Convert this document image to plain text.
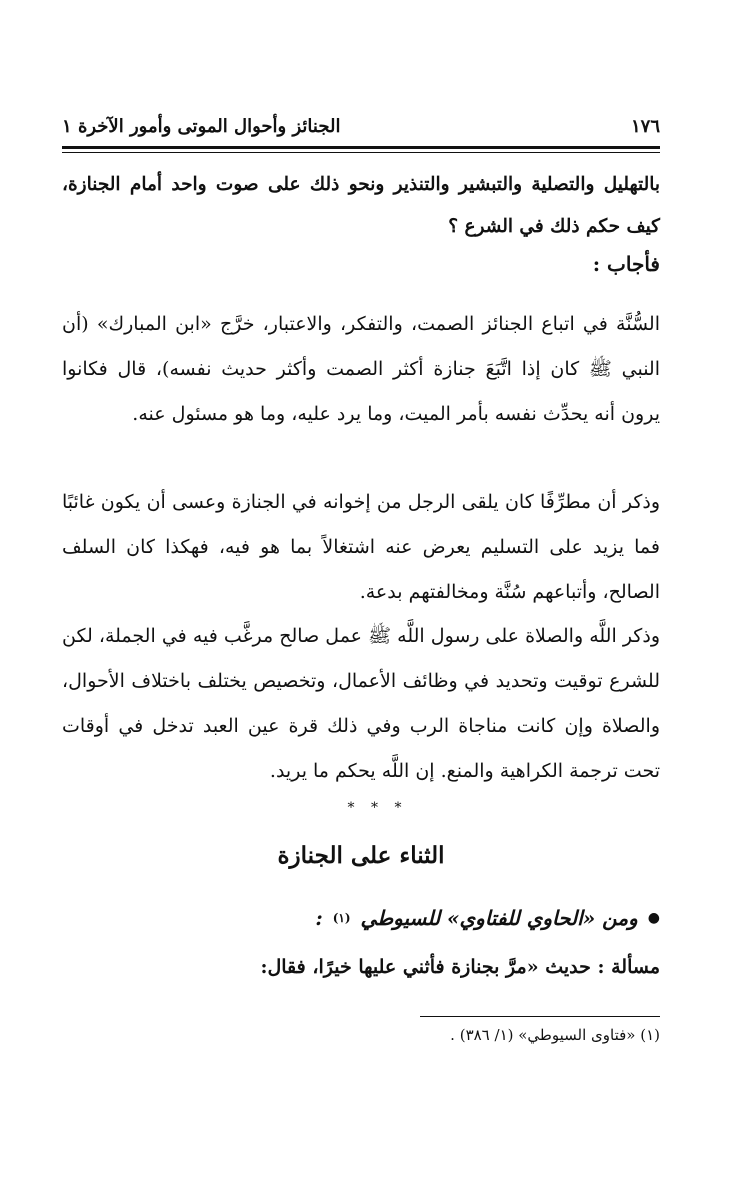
١٧٦
الجنائز وأحوال الموتى وأمور الآخرة ١

بالتهليل والتصلية والتبشير والتنذير ونحو ذلك على صوت واحد أمام الجنازة، كيف حكم ذلك في الشرع ؟

فأجاب :

السُّنَّة في اتباع الجنائز الصمت، والتفكر، والاعتبار، خرَّج «ابن المبارك» (أن النبي ﷺ كان إذا اتَّبَعَ جنازة أكثر الصمت وأكثر حديث نفسه)، قال فكانوا يرون أنه يحدِّث نفسه بأمر الميت، وما يرد عليه، وما هو مسئول عنه.

وذكر أن مطرِّفًا كان يلقى الرجل من إخوانه في الجنازة وعسى أن يكون غائبًا فما يزيد على التسليم يعرض عنه اشتغالاً بما هو فيه، فهكذا كان السلف الصالح، وأتباعهم سُنَّة ومخالفتهم بدعة.

وذكر اللَّه والصلاة على رسول اللَّه ﷺ عمل صالح مرغَّب فيه في الجملة، لكن للشرع توقيت وتحديد في وظائف الأعمال، وتخصيص يختلف باختلاف الأحوال، والصلاة وإن كانت مناجاة الرب وفي ذلك قرة عين العبد تدخل في أوقات تحت ترجمة الكراهية والمنع. إن اللَّه يحكم ما يريد.

* * *
الثناء على الجنازة
●
ومن «الحاوي للفتاوي» للسيوطي
(١)
:
مسألة : حديث «مرَّ بجنازة فأثني عليها خيرًا، فقال:
(١) «فتاوى السيوطي» (١/ ٣٨٦) .
